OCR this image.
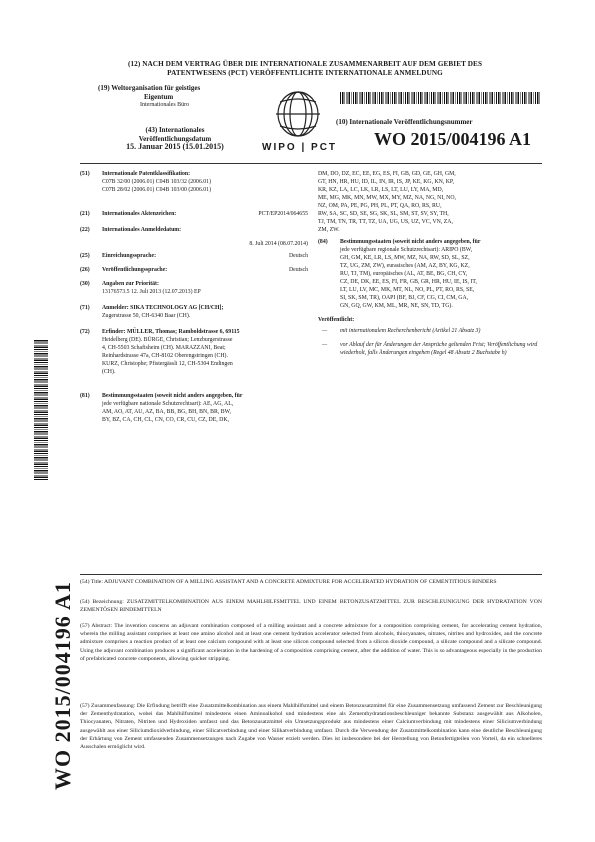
(12) NACH DEM VERTRAG ÜBER DIE INTERNATIONALE ZUSAMMENARBEIT AUF DEM GEBIET DES
PATENTWESENS (PCT) VERÖFFENTLICHTE INTERNATIONALE ANMELDUNG
(19) Weltorganisation für geistiges
Eigentum
Internationales Büro
(43) Internationales
Veröffentlichungsdatum
15. Januar 2015 (15.01.2015)	WIPO | PCT
(10) Internationale Veröffentlichungsnummer
WO 2015/004196 A1
(51) Internationale Patentklassifikation:
C07B 32/00 (2006.01) C04B 103/32 (2006.01)
C07B 28/02 (2006.01) C04B 103/00 (2006.01)
(21)	Internationales Aktenzeichen:	PCT/EP2014/064655
(22) Internationales Anmeldedatum:
8. Juli 2014 (08.07.2014)
(25)	Einreichungssprache:	Deutsch
(26)	Veröffentlichungssprache:	Deutsch
(30) Angaben zur Priorität:
13176573.5 12. Juli 2013 (12.07.2013) EP
(71) Anmelder: SIKA TECHNOLOGY AG [CH/CH];
Zugerstrasse 50, CH-6340 Baar (CH).
(72) Erfinder: MÜLLER, Thomas; Ramboldstrasse 6, 69115
Heidelberg (DE). BÜRGE, Christian; Lenzburgerstrasse
4, CH-5503 Schafisheim (CH). MARAZZANI, Beat;
Reinhardstrasse 47a, CH-8102 Oberengstringen (CH).
KURZ, Christophe; Pfistergässli 12, CH-5304 Endingen
(CH).
(81) Bestimmungsstaaten (soweit nicht anders angegeben, für
jede verfügbare nationale Schutzrechtsart): AE, AG, AL,
AM, AO, AT, AU, AZ, BA, BB, BG, BH, BN, BR, BW,
BY, BZ, CA, CH, CL, CN, CO, CR, CU, CZ, DE, DK,
DM, DO, DZ, EC, EE, EG, ES, FI, GB, GD, GE, GH, GM,
GT, HN, HR, HU, ID, IL, IN, IR, IS, JP, KE, KG, KN, KP,
KR, KZ, LA, LC, LK, LR, LS, LT, LU, LY, MA, MD,
ME, MG, MK, MN, MW, MX, MY, MZ, NA, NG, NI, NO,
NZ, OM, PA, PE, PG, PH, PL, PT, QA, RO, RS, RU,
RW, SA, SC, SD, SE, SG, SK, SL, SM, ST, SV, SY, TH,
TJ, TM, TN, TR, TT, TZ, UA, UG, US, UZ, VC, VN, ZA,
ZM, ZW.
(84) Bestimmungsstaaten (soweit nicht anders angegeben, für
jede verfügbare regionale Schutzrechtsart): ARIPO (BW,
GH, GM, KE, LR, LS, MW, MZ, NA, RW, SD, SL, SZ,
TZ, UG, ZM, ZW), eurasisches (AM, AZ, BY, KG, KZ,
RU, TJ, TM), europäisches (AL, AT, BE, BG, CH, CY,
CZ, DE, DK, EE, ES, FI, FR, GB, GR, HR, HU, IE, IS, IT,
LT, LU, LV, MC, MK, MT, NL, NO, PL, PT, RO, RS, SE,
SI, SK, SM, TR), OAPI (BF, BJ, CF, CG, CI, CM, GA,
GN, GQ, GW, KM, ML, MR, NE, SN, TD, TG).
Veröffentlicht:
— mit internationalem Recherchenbericht (Artikel 21 Absatz 3)
— vor Ablauf der für Änderungen der Ansprüche geltenden Frist; Veröffentlichung wird wiederholt, falls Änderungen eingehen (Regel 48 Absatz 2 Buchstabe h)
WO 2015/004196 A1 (54) Title: ADJUVANT COMBINATION OF A MILLING ASSISTANT AND A CONCRETE ADMIXTURE FOR ACCELERATED HYDRATION OF CEMENTITIOUS BINDERS
(54) Bezeichnung: ZUSATZMITTELKOMBINATION AUS EINEM MAHLHILFSMITTEL UND EINEM BETONZUSATZMITTEL ZUR BESCHLEUNIGUNG DER HYDRATATION VON ZEMENTÖSEN BINDEMITTELN
(57) Abstract: The invention concerns an adjuvant combination composed of a milling assistant and a concrete admixture for a composition comprising cement, for accelerating cement hydration, wherein the milling assistant comprises at least one amino alcohol and at least one cement hydration accelerator selected from alcohols, thiocyanates, nitrates, nitrites and hydroxides, and the concrete admixture comprises a reaction product of at least one calcium compound with at least one silicon compound selected from a silicon dioxide compound, a silicate compound and a silicate compound. Using the adjuvant combination produces a significant acceleration in the hardening of a composition comprising cement, after the addition of water. This is so advantageous especially in the production of prefabricated concrete components, allowing quicker stripping.
(57) Zusammenfassung: Die Erfindung betrifft eine Zusatzmittelkombination aus einem Mahlhilfsmittel und einem Betonzusatzmittel für eine Zusammensetzung umfassend Zement zur Beschleunigung der Zementhydratation, wobei das Mahlhilfsmittel mindestens einen Aminoalkohol und mindestens eine als Zementhydratationsbeschleuniger bekannte Substanz ausgewählt aus Alkoholen, Thiocyanaten, Nitraten, Nitriten und Hydroxiden umfasst und das Betonzusatzmittel ein Umsetzungsprodukt aus mindestens einer Calciumverbindung mit mindestens einer Siliciumverbindung ausgewählt aus einer Siliciumdioxidverbindung, einer Silicatverbindung und einer Silikatverbindung umfasst. Durch die Verwendung der Zusatzmittelkombination kann eine deutliche Beschleunigung der Erhärtung von Zement umfassenden Zusammensetzungen nach Zugabe von Wasser erzielt werden. Dies ist insbesondere bei der Herstellung von Betonfertigteilen von Vorteil, da ein schnelleres Ausschalen ermöglicht wird.
